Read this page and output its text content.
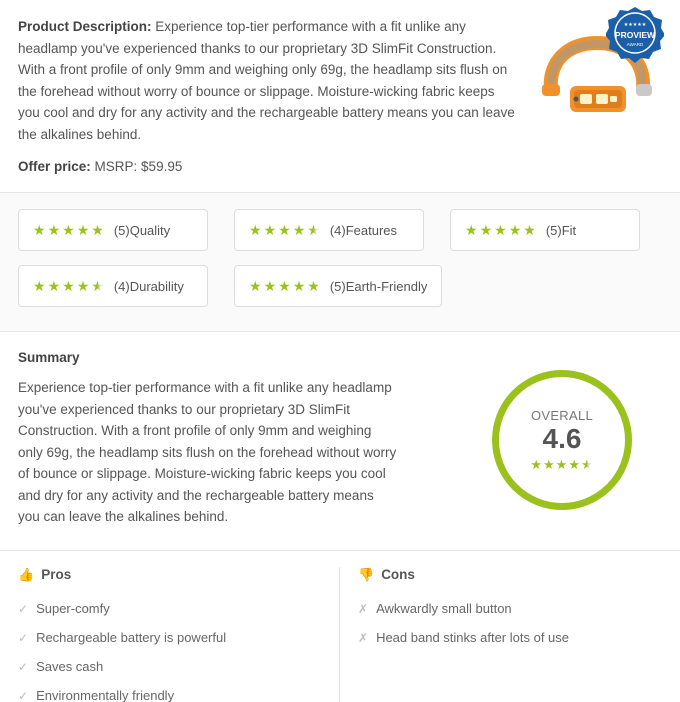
Product Description: Experience top-tier performance with a fit unlike any headlamp you've experienced thanks to our proprietary 3D SlimFit Construction. With a front profile of only 9mm and weighing only 69g, the headlamp sits flush on the forehead without worry of bounce or slippage. Moisture-wicking fabric keeps you cool and dry for any activity and the rechargeable battery means you can leave the alkalines behind.
Offer price: MSRP: $59.95
★★★★★
PROVIEW
AWARD
★★★★★ (5)Quality	★★★★★ (4)Features	★★★★★ (5)Fit
★★★★★ (4)Durability	★★★★★ (5)Earth-Friendly
Summary
Experience top-tier performance with a fit unlike any headlamp you've experienced thanks to our proprietary 3D SlimFit Construction. With a front profile of only 9mm and weighing only 69g, the headlamp sits flush on the forehead without worry of bounce or slippage. Moisture-wicking fabric keeps you cool and dry for any activity and the rechargeable battery means you can leave the alkalines behind.
OVERALL
4.6
★★★★★
👍 Pros
✓ Super-comfy
✓ Rechargeable battery is powerful
✓ Saves cash
✓ Environmentally friendly
👎 Cons
✗ Awkwardly small button
✗ Head band stinks after lots of use
